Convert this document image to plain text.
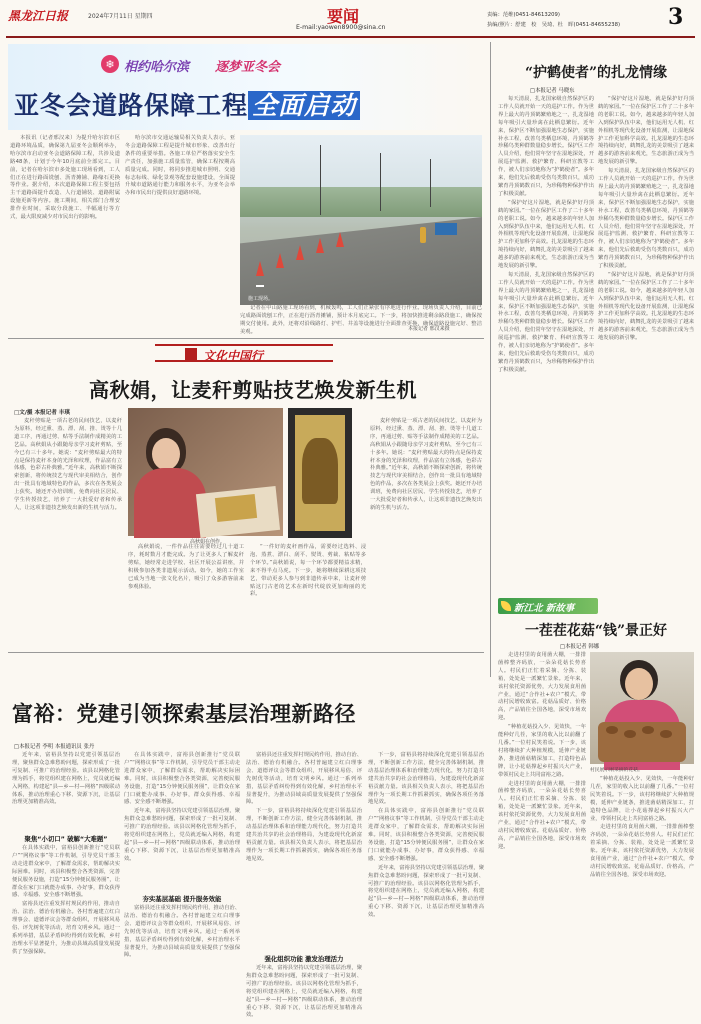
黑龙江日报	2024年7月11日 星期四	要闻
E-mail:yaowen8900@sina.cn
责编：范维(0451-84613209)
执编/照片：舒建　校　吴琦、杜　晖(0451-84655238) 3
❄ 相约哈尔滨 逐梦亚冬会
亚冬会道路保障工程 全面启动

本报讯（记者邢汉来）为提升哈尔滨市区道路环境品质，确保第九届亚冬会顺利举办，哈尔滨市启动亚冬会道路保障工程，共涉及道路48条，计划于今年10月底前全部完工。目前，记者在哈尔滨市多处施工现场看到，工人们正在进行路面铣刨、沥青摊铺、路缘石更换等作业。据介绍，本次道路保障工程主要包括主干道路面提升改造、人行道铺装、道路附属设施更新等内容。施工期间，相关部门合理安排作业时间，采取分段施工、半幅通行等方式，最大限度减少对市民出行的影响。

哈尔滨市交通运输局相关负责人表示，亚冬会道路保障工程是提升城市形象、改善出行条件的重要举措。各施工单位严格落实安全生产责任，加强施工质量监管，确保工程按期高质量完成。同时，将同步推进城市照明、交通标志标线、绿化景观等配套设施建设，全面提升城市道路通行能力和服务水平，为亚冬会举办和市民出行提供良好道路环境。

记者在中山路施工现场看到，机械轰鸣，工人们正紧张有序地进行作业。现场负责人介绍，目前已完成路面铣刨工作，正在进行沥青摊铺，预计本月底完工。下一步，将加快推进剩余路段施工，确保按期交付使用。此外，还将对沿线路灯、护栏、井盖等设施进行全面排查更换，确保道路设施完好、整洁美观。

施工现场。
本报记者 邢汉来摄
文化中国行
高秋娟，让麦秆剪贴技艺焕发新生机
□文/摄 本报记者 丰琪

麦秆剪贴是一项古老的民间技艺，以麦秆为原料，经过熏、蒸、漂、刮、推、烫等十几道工序，再通过剪、贴等手法制作成精美的工艺品。高秋娟从小跟随母亲学习麦秆剪贴，至今已有三十多年。她说：“麦秆剪贴最大的特点是保持麦秆本身的光泽和纹理，作品富有立体感，色彩古朴典雅。”近年来，高秋娟不断探索创新，将传统技艺与现代审美相结合，创作出一批具有地域特色的作品，多次在各类展会上获奖。她还开办培训班，免费向社区居民、学生传授技艺，培养了一大批爱好者和传承人，让这项非遗技艺焕发出新的生机与活力。

高秋娟在创作。

高秋娟说，一件作品往往需要经过几十道工序，耗时数月才能完成。为了让更多人了解麦秆剪贴，她经常走进学校、社区开展公益讲座，并积极参加各类非遗展示活动。如今，她的工作室已成为当地一张文化名片，吸引了众多游客前来参观体验。

“一件好的麦秆画作品，需要经过选料、浸泡、蒸煮、漂白、刮平、熨烫、剪裁、粘贴等多个环节。”高秋娟说，每一个环节都要精益求精，来不得半点马虎。下一步，她将继续深耕这项技艺，带动更多人参与到非遗传承中来，让麦秆剪贴这门古老的艺术在新时代绽放更加绚丽的光彩。

麦秆剪贴是一项古老的民间技艺，以麦秆为原料，经过熏、蒸、漂、刮、推、烫等十几道工序，再通过剪、贴等手法制作成精美的工艺品。高秋娟从小跟随母亲学习麦秆剪贴，至今已有三十多年。她说：“麦秆剪贴最大的特点是保持麦秆本身的光泽和纹理，作品富有立体感，色彩古朴典雅。”近年来，高秋娟不断探索创新，将传统技艺与现代审美相结合，创作出一批具有地域特色的作品，多次在各类展会上获奖。她还开办培训班，免费向社区居民、学生传授技艺，培养了一大批爱好者和传承人，让这项非遗技艺焕发出新的生机与活力。

“护鹤使者”的扎龙情缘
□本报记者 马晓东

每天清晨，扎龙国家级自然保护区的工作人员就开始一天的巡护工作。作为世界上最大的丹顶鹤繁殖地之一，扎龙湿地每年吸引大量珍禽在此栖息繁衍。近年来，保护区不断加强湿地生态保护，实施补水工程，改善鸟类栖息环境，丹顶鹤等珍稀鸟类种群数量稳步增长。保护区工作人员介绍，他们常年坚守在湿地深处，开展巡护监测、救护繁育、科研宣教等工作，被人们亲切地称为“护鹤使者”。多年来，他们先后救助受伤鸟类数百只，成功繁育丹顶鹤数百只，为珍稀物种保护作出了积极贡献。

“保护好这片湿地，就是保护好丹顶鹤的家园。”一位在保护区工作了二十多年的老职工说。如今，越来越多的年轻人加入到保护队伍中来，他们运用无人机、红外相机等现代化设备开展监测，让湿地保护工作更加科学高效。扎龙湿地的生态环境持续向好，鹤舞扎龙的美景吸引了越来越多的游客前来观光，生态旅游正成为当地发展的新引擎。

每天清晨，扎龙国家级自然保护区的工作人员就开始一天的巡护工作。作为世界上最大的丹顶鹤繁殖地之一，扎龙湿地每年吸引大量珍禽在此栖息繁衍。近年来，保护区不断加强湿地生态保护，实施补水工程，改善鸟类栖息环境，丹顶鹤等珍稀鸟类种群数量稳步增长。保护区工作人员介绍，他们常年坚守在湿地深处，开展巡护监测、救护繁育、科研宣教等工作，被人们亲切地称为“护鹤使者”。多年来，他们先后救助受伤鸟类数百只，成功繁育丹顶鹤数百只，为珍稀物种保护作出了积极贡献。

“保护好这片湿地，就是保护好丹顶鹤的家园。”一位在保护区工作了二十多年的老职工说。如今，越来越多的年轻人加入到保护队伍中来，他们运用无人机、红外相机等现代化设备开展监测，让湿地保护工作更加科学高效。扎龙湿地的生态环境持续向好，鹤舞扎龙的美景吸引了越来越多的游客前来观光，生态旅游正成为当地发展的新引擎。

每天清晨，扎龙国家级自然保护区的工作人员就开始一天的巡护工作。作为世界上最大的丹顶鹤繁殖地之一，扎龙湿地每年吸引大量珍禽在此栖息繁衍。近年来，保护区不断加强湿地生态保护，实施补水工程，改善鸟类栖息环境，丹顶鹤等珍稀鸟类种群数量稳步增长。保护区工作人员介绍，他们常年坚守在湿地深处，开展巡护监测、救护繁育、科研宣教等工作，被人们亲切地称为“护鹤使者”。多年来，他们先后救助受伤鸟类数百只，成功繁育丹顶鹤数百只，为珍稀物种保护作出了积极贡献。

“保护好这片湿地，就是保护好丹顶鹤的家园。”一位在保护区工作了二十多年的老职工说。如今，越来越多的年轻人加入到保护队伍中来，他们运用无人机、红外相机等现代化设备开展监测，让湿地保护工作更加科学高效。扎龙湿地的生态环境持续向好，鹤舞扎龙的美景吸引了越来越多的游客前来观光，生态旅游正成为当地发展的新引擎。

新江北 新故事
一茬茬花菇“钱”景正好
□本报记者 韩娜
村民展示刚采摘的花菇。

走进村里的食用菌大棚，一排排菌棒整齐码放，一朵朵花菇长势喜人。村民们正忙着采摘、分拣、装箱，处处是一派繁忙景象。近年来，该村依托资源优势，大力发展食用菌产业，通过“合作社+农户”模式，带动村民增收致富。花菇品质好、价格高，产品销往全国各地，深受市场欢迎。

“种植花菇投入少、见效快，一年能种好几茬，家里的收入比以前翻了几番。”一位村民笑着说。下一步，该村将继续扩大种植规模，延伸产业链条，推进菌菇精深加工，打造特色品牌，让小花菇撑起乡村振兴大产业，带领村民走上共同富裕之路。

走进村里的食用菌大棚，一排排菌棒整齐码放，一朵朵花菇长势喜人。村民们正忙着采摘、分拣、装箱，处处是一派繁忙景象。近年来，该村依托资源优势，大力发展食用菌产业，通过“合作社+农户”模式，带动村民增收致富。花菇品质好、价格高，产品销往全国各地，深受市场欢迎。

“种植花菇投入少、见效快，一年能种好几茬，家里的收入比以前翻了几番。”一位村民笑着说。下一步，该村将继续扩大种植规模，延伸产业链条，推进菌菇精深加工，打造特色品牌，让小花菇撑起乡村振兴大产业，带领村民走上共同富裕之路。

走进村里的食用菌大棚，一排排菌棒整齐码放，一朵朵花菇长势喜人。村民们正忙着采摘、分拣、装箱，处处是一派繁忙景象。近年来，该村依托资源优势，大力发展食用菌产业，通过“合作社+农户”模式，带动村民增收致富。花菇品质好、价格高，产品销往全国各地，深受市场欢迎。

富裕：党建引领探索基层治理新路径
□本报记者 李明 本报通讯员 张丹

近年来，富裕县坚持以党建引领基层治理，聚焦群众急难愁盼问题，探索形成了一批可复制、可推广的治理经验。该县以网格化管理为抓手，将党组织建在网格上，党员就近编入网格，构建起“县—乡—村—网格”四级联动体系，推动治理重心下移、资源下沉，让基层治理更加精准高效。

聚焦“小切口” 破解“大难题”

在具体实践中，富裕县创新推行“党员联户”“网格议事”等工作机制，引导党员干部主动走进群众家中，了解群众需求，帮助解决实际困难。同时，该县积极整合各类资源，完善便民服务设施，打造“15分钟便民服务圈”，让群众在家门口就能办成事、办好事，群众获得感、幸福感、安全感不断增强。

富裕县还注重发挥村规民约作用，推动自治、法治、德治有机融合。各村普遍建立红白理事会、道德评议会等群众组织，开展移风易俗、评先树优等活动，培育文明乡风。通过一系列举措，基层矛盾纠纷得到有效化解，乡村治理水平显著提升，为推动县域高质量发展提供了坚强保障。

在具体实践中，富裕县创新推行“党员联户”“网格议事”等工作机制，引导党员干部主动走进群众家中，了解群众需求，帮助解决实际困难。同时，该县积极整合各类资源，完善便民服务设施，打造“15分钟便民服务圈”，让群众在家门口就能办成事、办好事，群众获得感、幸福感、安全感不断增强。

近年来，富裕县坚持以党建引领基层治理，聚焦群众急难愁盼问题，探索形成了一批可复制、可推广的治理经验。该县以网格化管理为抓手，将党组织建在网格上，党员就近编入网格，构建起“县—乡—村—网格”四级联动体系，推动治理重心下移、资源下沉，让基层治理更加精准高效。

夯实基层基础 提升服务效能

富裕县还注重发挥村规民约作用，推动自治、法治、德治有机融合。各村普遍建立红白理事会、道德评议会等群众组织，开展移风易俗、评先树优等活动，培育文明乡风。通过一系列举措，基层矛盾纠纷得到有效化解，乡村治理水平显著提升，为推动县域高质量发展提供了坚强保障。

富裕县还注重发挥村规民约作用，推动自治、法治、德治有机融合。各村普遍建立红白理事会、道德评议会等群众组织，开展移风易俗、评先树优等活动，培育文明乡风。通过一系列举措，基层矛盾纠纷得到有效化解，乡村治理水平显著提升，为推动县域高质量发展提供了坚强保障。

下一步，富裕县将持续深化党建引领基层治理，不断创新工作方法，健全完善体制机制，推动基层治理体系和治理能力现代化，努力打造共建共治共享的社会治理格局，为建设现代化新富裕贡献力量。该县相关负责人表示，将把基层治理作为一项长期工作抓紧抓实，确保各项任务落地见效。

强化组织功能 激发治理活力

近年来，富裕县坚持以党建引领基层治理，聚焦群众急难愁盼问题，探索形成了一批可复制、可推广的治理经验。该县以网格化管理为抓手，将党组织建在网格上，党员就近编入网格，构建起“县—乡—村—网格”四级联动体系，推动治理重心下移、资源下沉，让基层治理更加精准高效。

下一步，富裕县将持续深化党建引领基层治理，不断创新工作方法，健全完善体制机制，推动基层治理体系和治理能力现代化，努力打造共建共治共享的社会治理格局，为建设现代化新富裕贡献力量。该县相关负责人表示，将把基层治理作为一项长期工作抓紧抓实，确保各项任务落地见效。

在具体实践中，富裕县创新推行“党员联户”“网格议事”等工作机制，引导党员干部主动走进群众家中，了解群众需求，帮助解决实际困难。同时，该县积极整合各类资源，完善便民服务设施，打造“15分钟便民服务圈”，让群众在家门口就能办成事、办好事，群众获得感、幸福感、安全感不断增强。

近年来，富裕县坚持以党建引领基层治理，聚焦群众急难愁盼问题，探索形成了一批可复制、可推广的治理经验。该县以网格化管理为抓手，将党组织建在网格上，党员就近编入网格，构建起“县—乡—村—网格”四级联动体系，推动治理重心下移、资源下沉，让基层治理更加精准高效。
